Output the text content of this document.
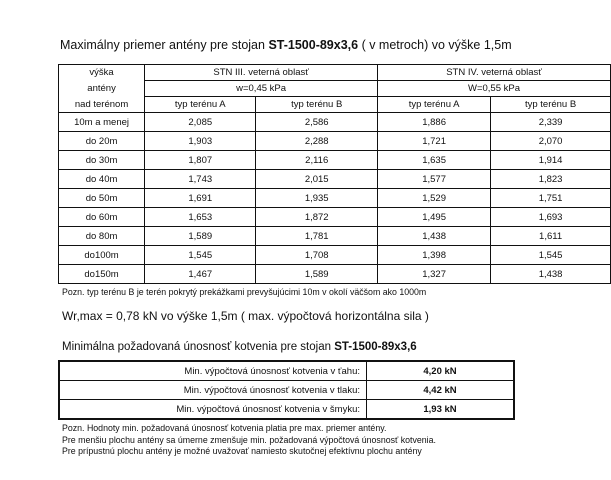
Maximálny priemer antény pre stojan ST-1500-89x3,6 ( v metroch) vo výške 1,5m
výška	STN III. veterná oblasť		STN IV. veterná oblasť	
antény	w=0,45 kPa		W=0,55 kPa	
nad terénom	typ terénu A	typ terénu B	typ terénu A	typ terénu B
10m a menej	2,085	2,586	1,886	2,339
do 20m	1,903	2,288	1,721	2,070
do 30m	1,807	2,116	1,635	1,914
do 40m	1,743	2,015	1,577	1,823
do 50m	1,691	1,935	1,529	1,751
do 60m	1,653	1,872	1,495	1,693
do 80m	1,589	1,781	1,438	1,611
do100m	1,545	1,708	1,398	1,545
do150m	1,467	1,589	1,327	1,438
Pozn. typ terénu B je terén pokrytý prekážkami prevyšujúcimi 10m v okolí väčšom ako 1000m
Wr,max = 0,78 kN vo výške 1,5m ( max. výpočtová horizontálna sila )
Minimálna požadovaná únosnosť kotvenia pre stojan ST-1500-89x3,6
Min. výpočtová únosnosť kotvenia v ťahu:	4,20 kN
Min. výpočtová únosnosť kotvenia v tlaku:	4,42 kN
Min. výpočtová únosnosť kotvenia v šmyku:	1,93 kN
Pozn. Hodnoty min. požadovaná únosnosť kotvenia platia pre max. priemer antény.
Pre menšiu plochu antény sa úmerne zmenšuje min. požadovaná výpočtová únosnosť kotvenia.
Pre prípustnú plochu antény je možné uvažovať namiesto skutočnej efektívnu plochu antény
